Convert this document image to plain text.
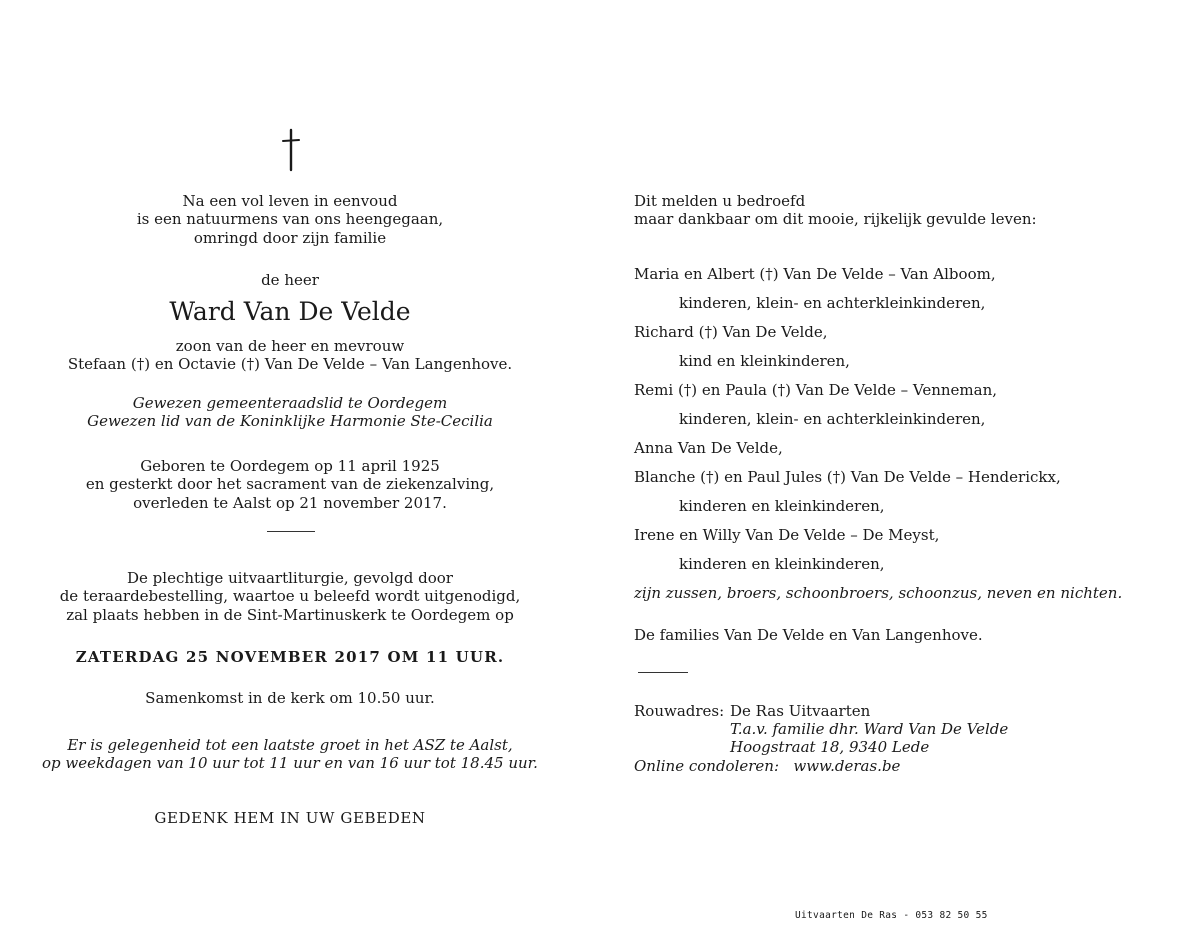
Na een vol leven in eenvoud
is een natuurmens van ons heengegaan,
omringd door zijn familie
de heer
Ward Van De Velde
zoon van de heer en mevrouw
Stefaan (†) en Octavie (†) Van De Velde – Van Langenhove.
Gewezen gemeenteraadslid te Oordegem
Gewezen lid van de Koninklijke Harmonie Ste-Cecilia
Geboren te Oordegem op 11 april 1925
en gesterkt door het sacrament van de ziekenzalving,
overleden te Aalst op 21 november 2017.
De plechtige uitvaartliturgie, gevolgd door
de teraardebestelling, waartoe u beleefd wordt uitgenodigd,
zal plaats hebben in de Sint-Martinuskerk te Oordegem op
ZATERDAG 25 NOVEMBER 2017 OM 11 UUR.
Samenkomst in de kerk om 10.50 uur.
Er is gelegenheid tot een laatste groet in het ASZ te Aalst,
op weekdagen van 10 uur tot 11 uur en van 16 uur tot 18.45 uur.
GEDENK HEM IN UW GEBEDEN
Dit melden u bedroefd
maar dankbaar om dit mooie, rijkelijk gevulde leven:
Maria en Albert (†) Van De Velde – Van Alboom,
kinderen, klein- en achterkleinkinderen,
Richard (†) Van De Velde,
kind en kleinkinderen,
Remi (†) en Paula (†) Van De Velde – Venneman,
kinderen, klein- en achterkleinkinderen,
Anna Van De Velde,
Blanche (†) en Paul Jules (†) Van De Velde – Henderickx,
kinderen en kleinkinderen,
Irene en Willy Van De Velde – De Meyst,
kinderen en kleinkinderen,
zijn zussen, broers, schoonbroers, schoonzus, neven en nichten.
De families Van De Velde en Van Langenhove.
Rouwadres: De Ras Uitvaarten
T.a.v. familie dhr. Ward Van De Velde
Hoogstraat 18, 9340 Lede
Online condoleren: www.deras.be
Uitvaarten De Ras - 053 82 50 55
